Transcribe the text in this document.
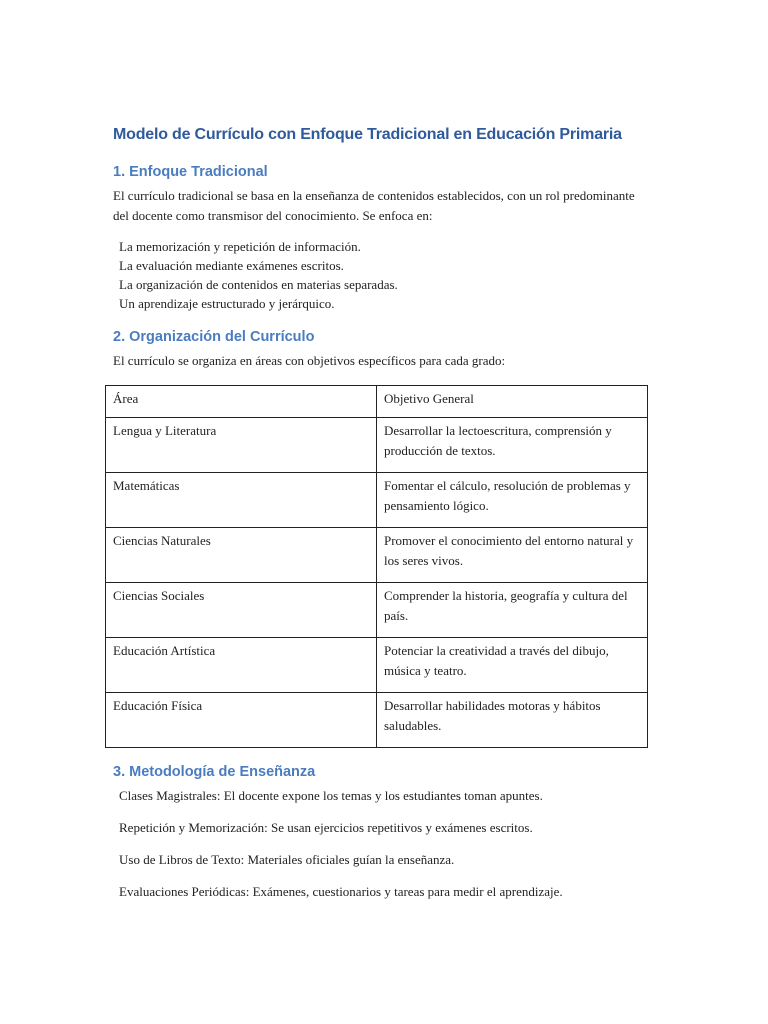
Modelo de Currículo con Enfoque Tradicional en Educación Primaria
1. Enfoque Tradicional

El currículo tradicional se basa en la enseñanza de contenidos establecidos, con un rol predominante del docente como transmisor del conocimiento. Se enfoca en:

La memorización y repetición de información.
La evaluación mediante exámenes escritos.
La organización de contenidos en materias separadas.
Un aprendizaje estructurado y jerárquico.
2. Organización del Currículo

El currículo se organiza en áreas con objetivos específicos para cada grado:

Área	Objetivo General
Lengua y Literatura	Desarrollar la lectoescritura, comprensión y producción de textos.
Matemáticas	Fomentar el cálculo, resolución de problemas y pensamiento lógico.
Ciencias Naturales	Promover el conocimiento del entorno natural y los seres vivos.
Ciencias Sociales	Comprender la historia, geografía y cultura del país.
Educación Artística	Potenciar la creatividad a través del dibujo, música y teatro.
Educación Física	Desarrollar habilidades motoras y hábitos saludables.
3. Metodología de Enseñanza

Clases Magistrales: El docente expone los temas y los estudiantes toman apuntes.

Repetición y Memorización: Se usan ejercicios repetitivos y exámenes escritos.

Uso de Libros de Texto: Materiales oficiales guían la enseñanza.

Evaluaciones Periódicas: Exámenes, cuestionarios y tareas para medir el aprendizaje.
